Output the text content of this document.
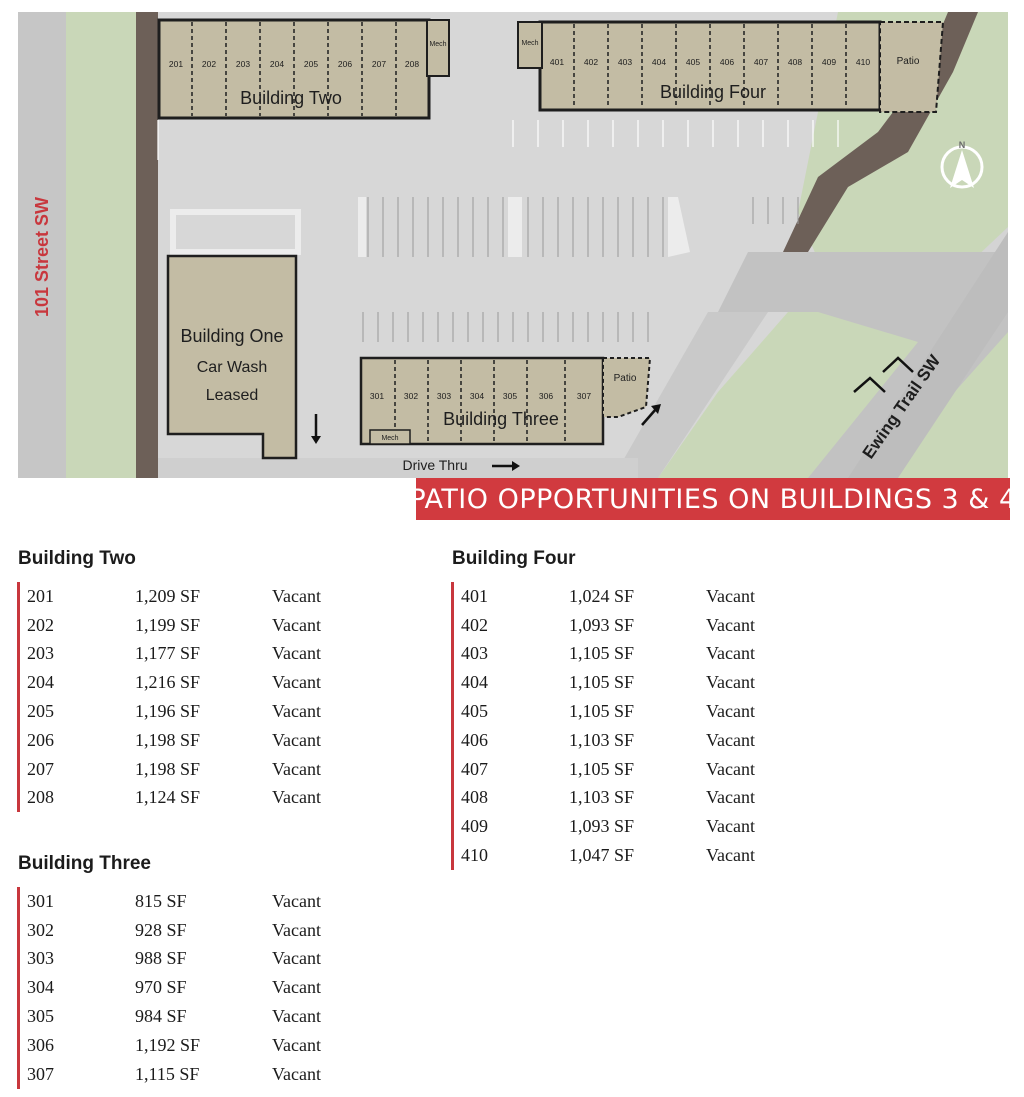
201 202 203 204 205 206 207 208
Mech
Building Two
401 402 403 404 405 406 407 408 409 410
Mech
Patio
Building Four
Building One
Car Wash
Leased	301 302 303 304 305	306	307
Mech
Patio
Building Three
101 Street SW
Drive Thru
Ewing Trail SW
N
PATIO OPPORTUNITIES ON BUILDINGS 3 & 4
Building Two
201	1,209 SF	Vacant
202	1,199 SF	Vacant
203	1,177 SF	Vacant
204	1,216 SF	Vacant
205	1,196 SF	Vacant
206	1,198 SF	Vacant
207	1,198 SF	Vacant
208	1,124 SF	Vacant
Building Three
301	815 SF	Vacant
302	928 SF	Vacant
303	988 SF	Vacant
304	970 SF	Vacant
305	984 SF	Vacant
306	1,192 SF	Vacant
307	1,115 SF	Vacant
Building Four
401	1,024 SF	Vacant
402	1,093 SF	Vacant
403	1,105 SF	Vacant
404	1,105 SF	Vacant
405	1,105 SF	Vacant
406	1,103 SF	Vacant
407	1,105 SF	Vacant
408	1,103 SF	Vacant
409	1,093 SF	Vacant
410	1,047 SF	Vacant
